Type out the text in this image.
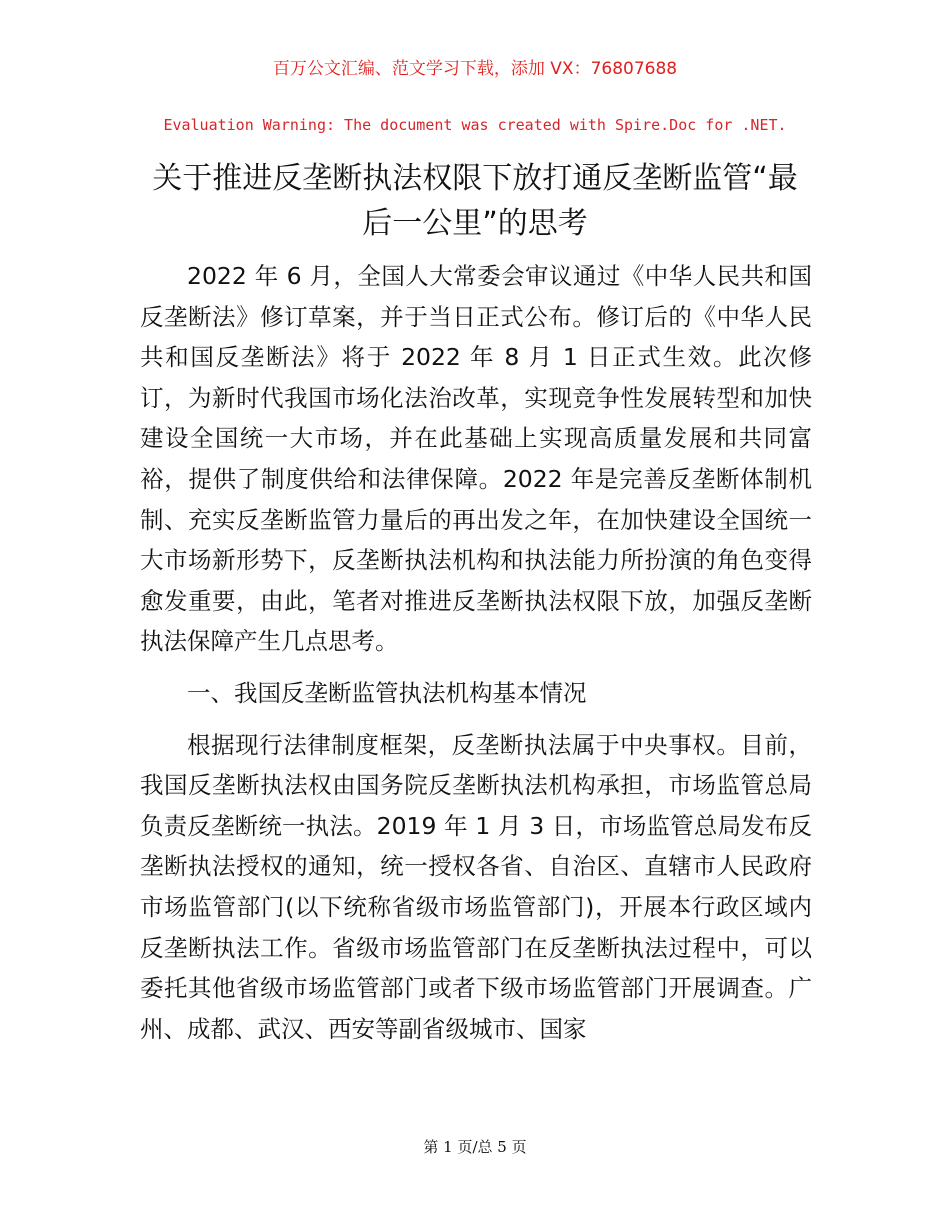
百万公文汇编、范文学习下载，添加 VX：76807688
Evaluation Warning: The document was created with Spire.Doc for .NET.
关于推进反垄断执法权限下放打通反垄断监管“最后一公里”的思考

2022 年 6 月，全国人大常委会审议通过《中华人民共和国反垄断法》修订草案，并于当日正式公布。修订后的《中华人民共和国反垄断法》将于 2022 年 8 月 1 日正式生效。此次修订，为新时代我国市场化法治改革，实现竞争性发展转型和加快建设全国统一大市场，并在此基础上实现高质量发展和共同富裕，提供了制度供给和法律保障。2022 年是完善反垄断体制机制、充实反垄断监管力量后的再出发之年，在加快建设全国统一大市场新形势下，反垄断执法机构和执法能力所扮演的角色变得愈发重要，由此，笔者对推进反垄断执法权限下放，加强反垄断执法保障产生几点思考。

一、我国反垄断监管执法机构基本情况

根据现行法律制度框架，反垄断执法属于中央事权。目前，我国反垄断执法权由国务院反垄断执法机构承担，市场监管总局负责反垄断统一执法。2019 年 1 月 3 日，市场监管总局发布反垄断执法授权的通知，统一授权各省、自治区、直辖市人民政府市场监管部门(以下统称省级市场监管部门)，开展本行政区域内反垄断执法工作。省级市场监管部门在反垄断执法过程中，可以委托其他省级市场监管部门或者下级市场监管部门开展调查。广州、成都、武汉、西安等副省级城市、国家

第 1 页/总 5 页
